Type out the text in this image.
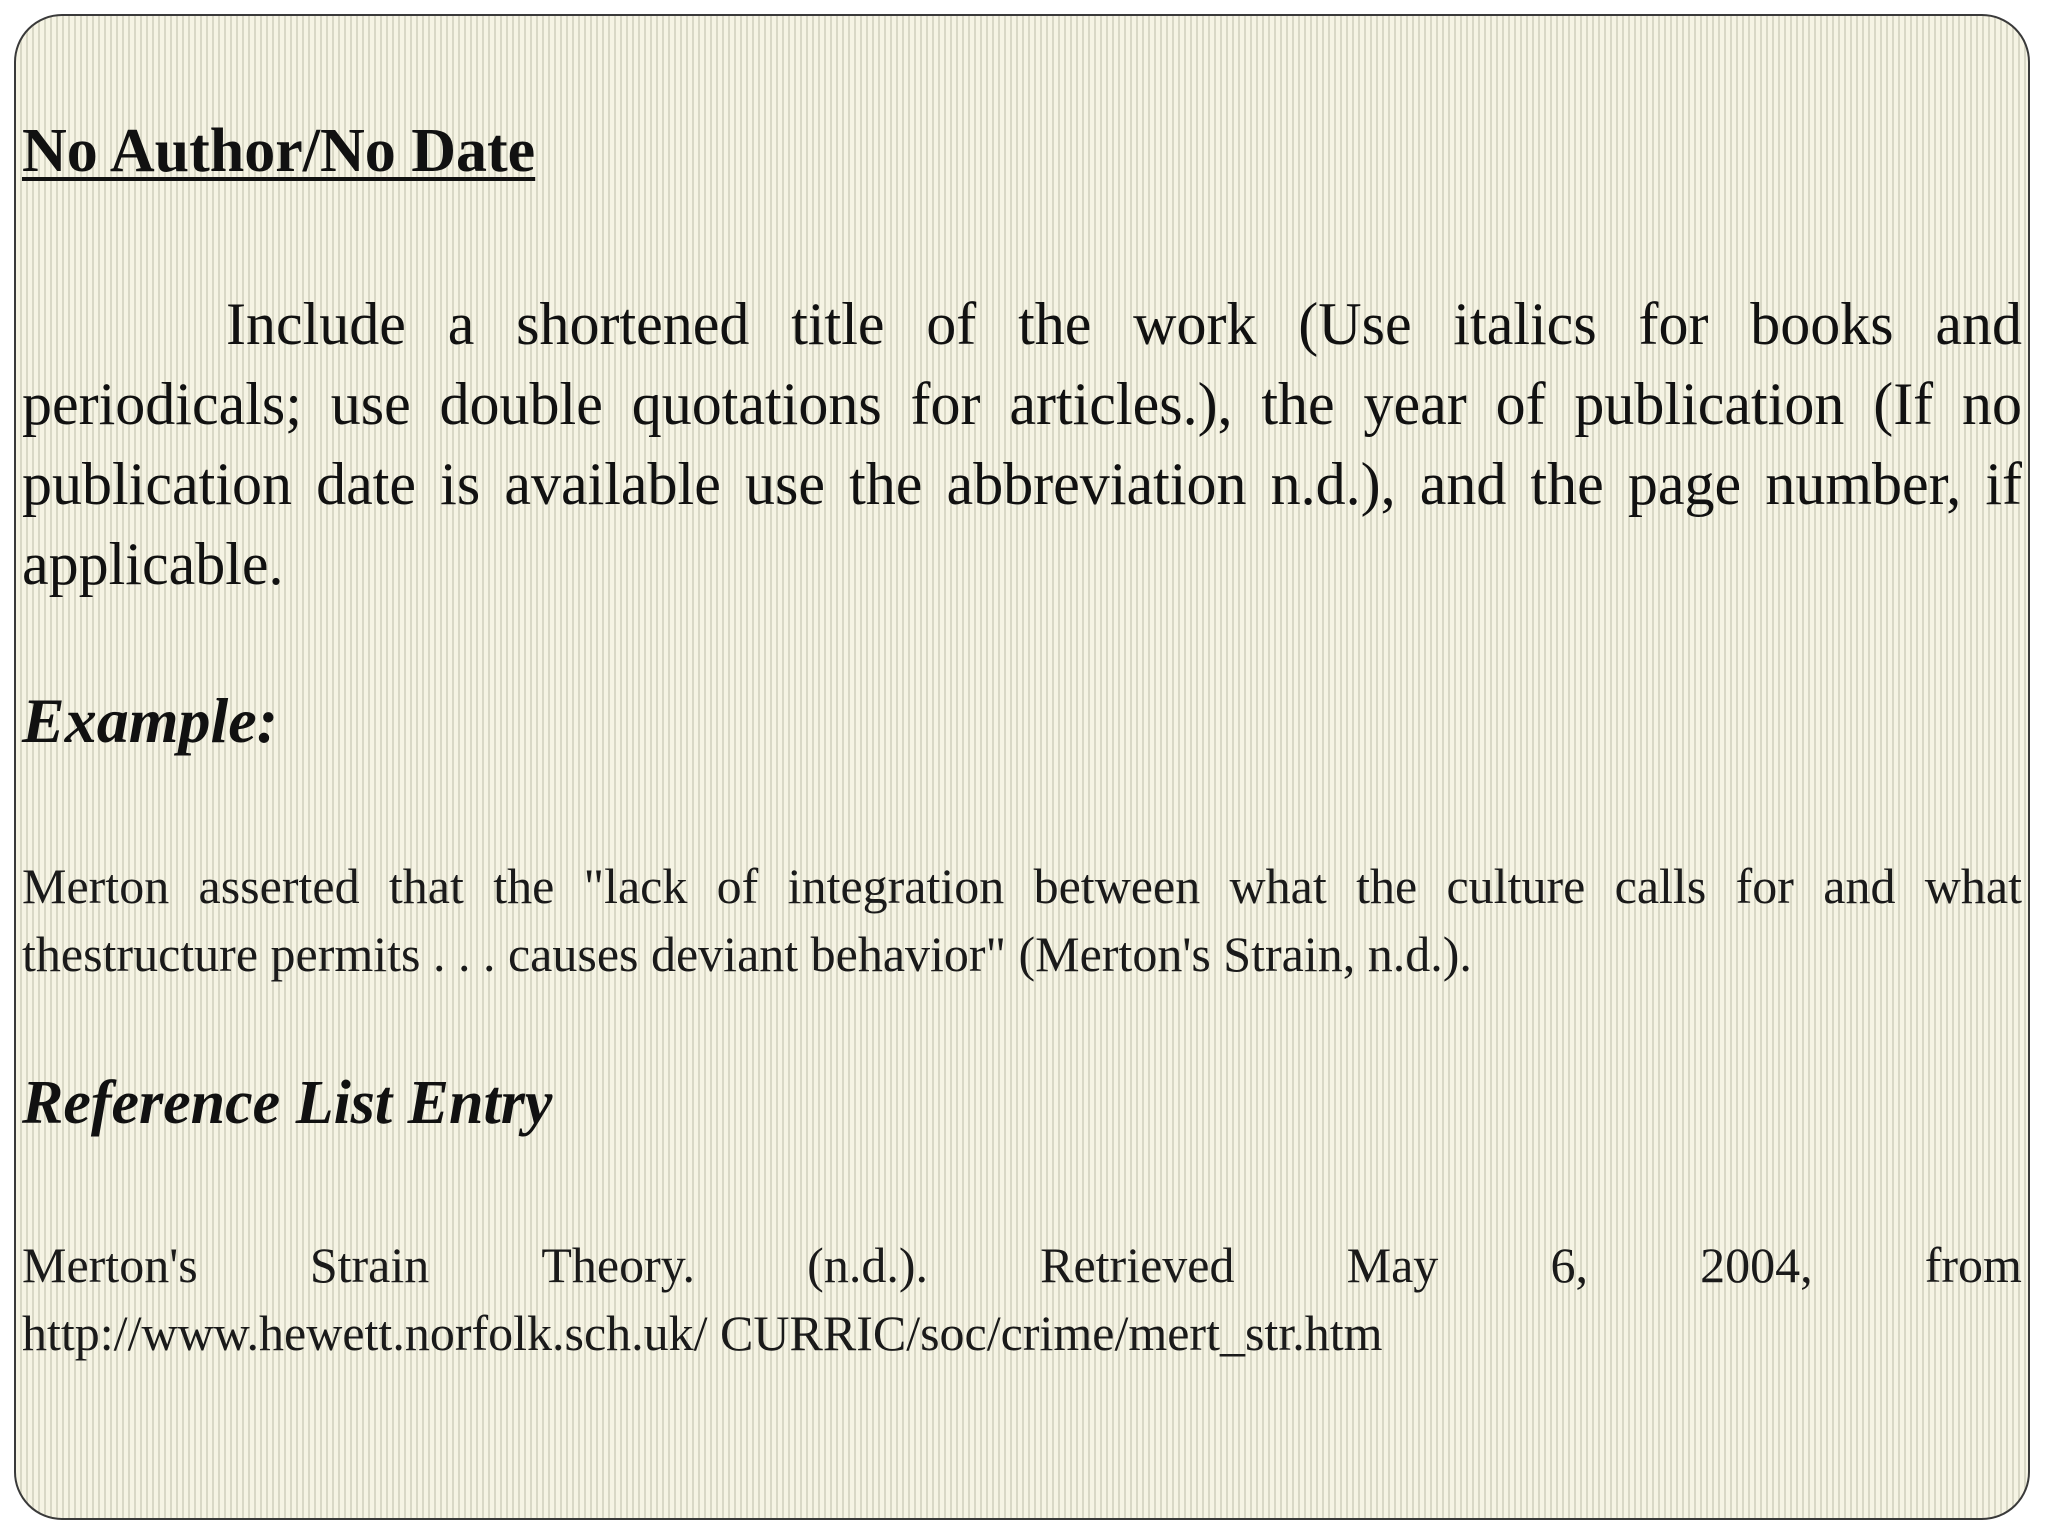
No Author/No Date

Include a shortened title of the work (Use italics for books and periodicals; use double quotations for articles.), the year of publication (If no publication date is available use the abbreviation n.d.), and the page number, if applicable.

Example:

Merton asserted that the "lack of integration between what the culture calls for and what thestructure permits . . . causes deviant behavior" (Merton's Strain, n.d.).

Reference List Entry
Merton's Strain Theory. (n.d.). Retrieved May 6, 2004, from

http://www.hewett.norfolk.sch.uk/ CURRIC/soc/crime/mert_str.htm
